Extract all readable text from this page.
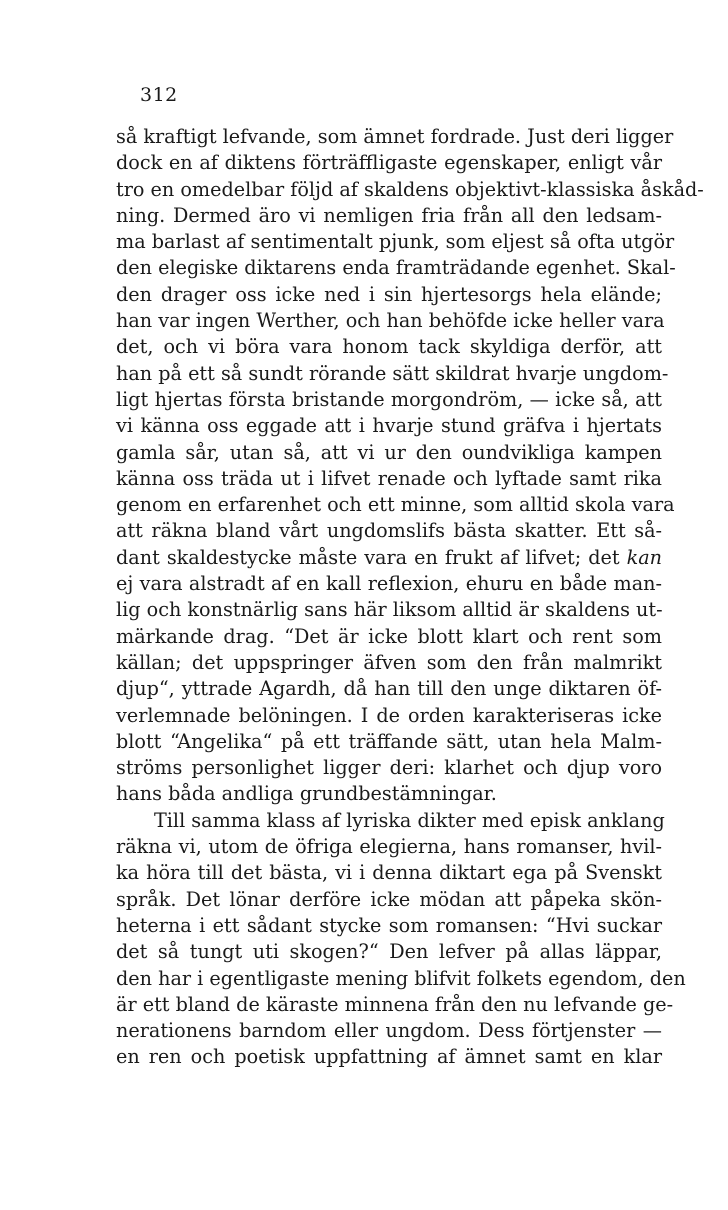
312
så kraftigt lefvande, som ämnet fordrade. Just deri ligger
dock en af diktens förträffligaste egenskaper, enligt vår
tro en omedelbar följd af skaldens objektivt-klassiska åskåd-
ning. Dermed äro vi nemligen fria från all den ledsam-
ma barlast af sentimentalt pjunk, som eljest så ofta utgör
den elegiske diktarens enda framträdande egenhet. Skal-
den drager oss icke ned i sin hjertesorgs hela elände;
han var ingen Werther, och han behöfde icke heller vara
det, och vi böra vara honom tack skyldiga derför, att
han på ett så sundt rörande sätt skildrat hvarje ungdom-
ligt hjertas första bristande morgondröm, — icke så, att
vi känna oss eggade att i hvarje stund gräfva i hjertats
gamla sår, utan så, att vi ur den oundvikliga kampen
känna oss träda ut i lifvet renade och lyftade samt rika
genom en erfarenhet och ett minne, som alltid skola vara
att räkna bland vårt ungdomslifs bästa skatter. Ett så-
dant skaldestycke måste vara en frukt af lifvet; det kan
ej vara alstradt af en kall reflexion, ehuru en både man-
lig och konstnärlig sans här liksom alltid är skaldens ut-
märkande drag. “Det är icke blott klart och rent som
källan; det uppspringer äfven som den från malmrikt
djup“, yttrade Agardh, då han till den unge diktaren öf-
verlemnade belöningen. I de orden karakteriseras icke
blott “Angelika“ på ett träffande sätt, utan hela Malm-
ströms personlighet ligger deri: klarhet och djup voro
hans båda andliga grundbestämningar.
Till samma klass af lyriska dikter med episk anklang
räkna vi, utom de öfriga elegierna, hans romanser, hvil-
ka höra till det bästa, vi i denna diktart ega på Svenskt
språk. Det lönar derföre icke mödan att påpeka skön-
heterna i ett sådant stycke som romansen: “Hvi suckar
det så tungt uti skogen?“ Den lefver på allas läppar,
den har i egentligaste mening blifvit folkets egendom, den
är ett bland de käraste minnena från den nu lefvande ge-
nerationens barndom eller ungdom. Dess förtjenster —
en ren och poetisk uppfattning af ämnet samt en klar
